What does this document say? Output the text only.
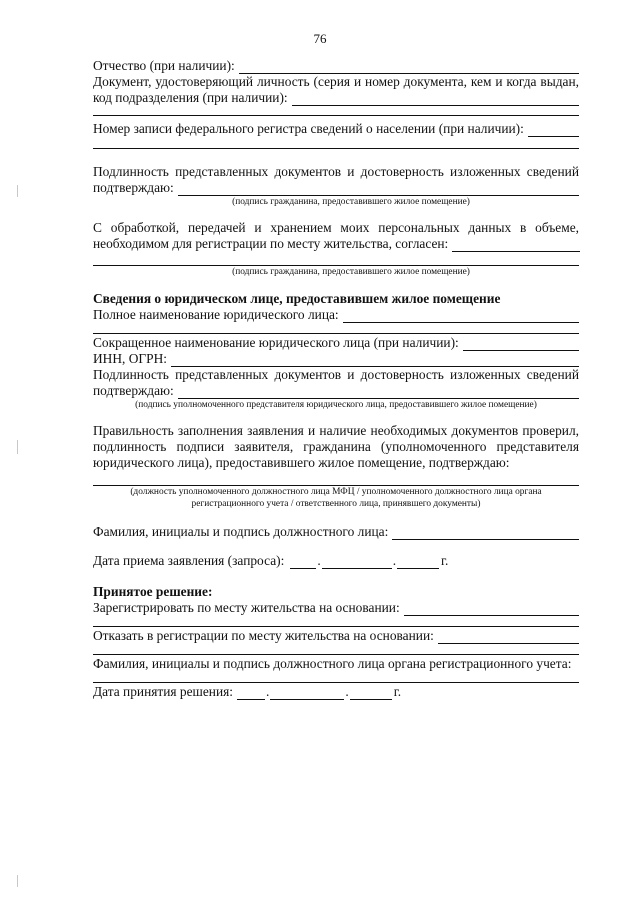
76
Отчество (при наличии):
Документ, удостоверяющий личность (серия и номер документа, кем и когда выдан,
код подразделения (при наличии):
Номер записи федерального регистра сведений о населении (при наличии):
Подлинность представленных документов и достоверность изложенных сведений
подтверждаю:
(подпись гражданина, предоставившего жилое помещение)
С обработкой, передачей и хранением моих персональных данных в объеме,
необходимом для регистрации по месту жительства, согласен:
(подпись гражданина, предоставившего жилое помещение)
Сведения о юридическом лице, предоставившем жилое помещение
Полное наименование юридического лица:
Сокращенное наименование юридического лица (при наличии):
ИНН, ОГРН:
Подлинность представленных документов и достоверность изложенных сведений
подтверждаю:
(подпись уполномоченного представителя юридического лица, предоставившего жилое помещение)
Правильность заполнения заявления и наличие необходимых документов проверил,
подлинность подписи заявителя, гражданина (уполномоченного представителя
юридического лица), предоставившего жилое помещение, подтверждаю:
(должность уполномоченного должностного лица МФЦ / уполномоченного должностного лица органа
регистрационного учета / ответственного лица, принявшего документы)
Фамилия, инициалы и подпись должностного лица:
Дата приема заявления (запроса): .	.	г.
Принятое решение:
Зарегистрировать по месту жительства на основании:
Отказать в регистрации по месту жительства на основании:
Фамилия, инициалы и подпись должностного лица органа регистрационного учета:
Дата принятия решения: .	.	г.
